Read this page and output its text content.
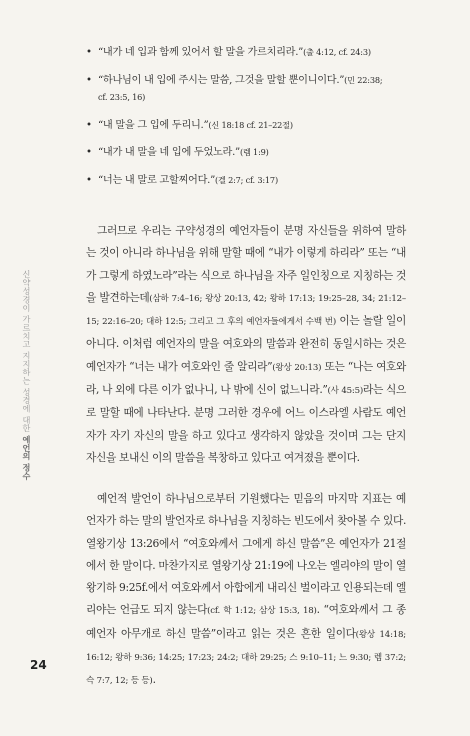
• “내가 네 입과 함께 있어서 할 말을 가르치리라.”(출 4:12, cf. 24:3)
• “하나님이 내 입에 주시는 말씀, 그것을 말할 뿐이니이다.”(민 22:38; cf. 23:5, 16)
• “내 말을 그 입에 두리니.”(신 18:18 cf. 21–22절)
• “내가 내 말을 네 입에 두었노라.”(렘 1:9)
• “너는 내 말로 고할찌어다.”(겔 2:7; cf. 3:17)

그러므로 우리는 구약성경의 예언자들이 분명 자신들을 위하여 말하는 것이 아니라 하나님을 위해 말할 때에 “내가 이렇게 하리라” 또는 “내가 그렇게 하였노라”라는 식으로 하나님을 자주 일인칭으로 지칭하는 것을 발견하는데(삼하 7:4–16; 왕상 20:13, 42; 왕하 17:13; 19:25–28, 34; 21:12–15; 22:16–20; 대하 12:5; 그리고 그 후의 예언자들에게서 수백 번) 이는 놀랄 일이 아니다. 이처럼 예언자의 말을 여호와의 말씀과 완전히 동일시하는 것은 예언자가 “너는 내가 여호와인 줄 알리라”(왕상 20:13) 또는 “나는 여호와라, 나 외에 다른 이가 없나니, 나 밖에 신이 없느니라.”(사 45:5)라는 식으로 말할 때에 나타난다. 분명 그러한 경우에 어느 이스라엘 사람도 예언자가 자기 자신의 말을 하고 있다고 생각하지 않았을 것이며 그는 단지 자신을 보내신 이의 말씀을 복창하고 있다고 여겨졌을 뿐이다.

예언적 발언이 하나님으로부터 기원했다는 믿음의 마지막 지표는 예언자가 하는 말의 발언자로 하나님을 지칭하는 빈도에서 찾아볼 수 있다. 열왕기상 13:26에서 “여호와께서 그에게 하신 말씀”은 예언자가 21절에서 한 말이다. 마찬가지로 열왕기상 21:19에 나오는 엘리야의 말이 열왕기하 9:25f.에서 여호와께서 아합에게 내리신 벌이라고 인용되는데 엘리야는 언급도 되지 않는다(cf. 학 1:12; 삼상 15:3, 18). “여호와께서 그 종 예언자 아무개로 하신 말씀”이라고 읽는 것은 흔한 일이다(왕상 14:18; 16:12; 왕하 9:36; 14:25; 17:23; 24:2; 대하 29:25; 스 9:10–11; 느 9:30; 렘 37:2; 슥 7:7, 12; 등 등).

신약성경이 가르치고 지지하는 성경에 대한 예언의 정수
24
